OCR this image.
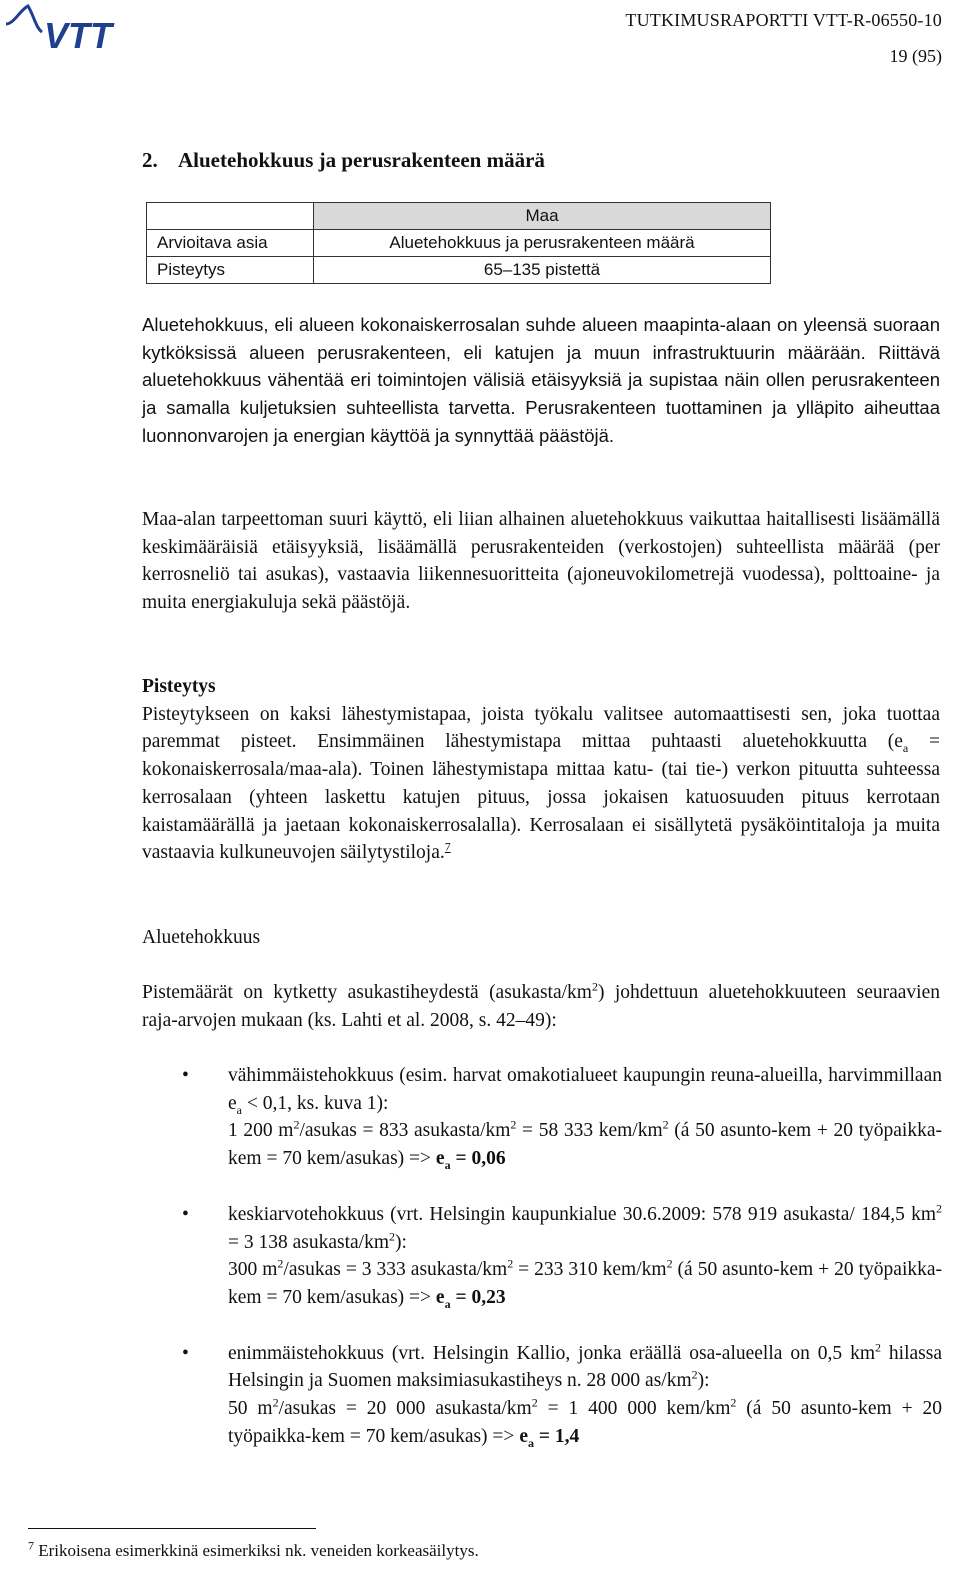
VTT	TUTKIMUSRAPORTTI VTT-R-06550-10
19 (95)
2. Aluetehokkuus ja perusrakenteen määrä
	Maa
Arvioitava asia	Aluetehokkuus ja perusrakenteen määrä
Pisteytys	65–135 pistettä
Aluetehokkuus, eli alueen kokonaiskerrosalan suhde alueen maapinta-alaan on yleensä suoraan kytköksissä alueen perusrakenteen, eli katujen ja muun infrastruktuurin määrään. Riittävä aluetehokkuus vähentää eri toimintojen välisiä etäisyyksiä ja supistaa näin ollen perusrakenteen ja samalla kuljetuksien suhteellista tarvetta. Perusrakenteen tuottaminen ja ylläpito aiheuttaa luonnonvarojen ja energian käyttöä ja synnyttää päästöjä.
Maa-alan tarpeettoman suuri käyttö, eli liian alhainen aluetehokkuus vaikuttaa haitallisesti lisäämällä keskimääräisiä etäisyyksiä, lisäämällä perusrakenteiden (verkostojen) suhteellista määrää (per kerrosneliö tai asukas), vastaavia liikennesuoritteita (ajoneuvokilometrejä vuodessa), polttoaine- ja muita energiakuluja sekä päästöjä.
Pisteytys
Pisteytykseen on kaksi lähestymistapaa, joista työkalu valitsee automaattisesti sen, joka tuottaa paremmat pisteet. Ensimmäinen lähestymistapa mittaa puhtaasti aluetehokkuutta ($e_a$ = kokonaiskerrosala/maa-ala). Toinen lähestymistapa mittaa katu- (tai tie-) verkon pituutta suhteessa kerrosalaan (yhteen laskettu katujen pituus, jossa jokaisen katuosuuden pituus kerrotaan kaistamäärällä ja jaetaan kokonaiskerrosalalla). Kerrosalaan ei sisällytetä pysäköintitaloja ja muita vastaavia kulkuneuvojen säilytystiloja.$^7$
Aluetehokkuus
Pistemäärät on kytketty asukastiheydestä $(asukasta/km^2)$ johdettuun aluetehokkuuteen seuraavien raja-arvojen mukaan (ks. Lahti et al. 2008, s. 42–49):
• vähimmäistehokkuus (esim. harvat omakotialueet kaupungin reuna-alueilla, harvimmillaan $e_a < 0,1$, ks. kuva 1):
1 200 $m^2$/asukas = 833 asukasta/$km^2 = 58$ 333 kem/$km^2$ (á 50 asunto-kem + 20 työpaikka-kem = 70 kem/asukas) => $e_a = 0,06$
• keskiarvotehokkuus (vrt. Helsingin kaupunkialue 30.6.2009: 578 919 asukasta/ 184,5 $km^2 = 3$ 138 asukasta/$km^2$):
300 $m^2$/asukas = 3 333 asukasta/$km^2 = 233$ 310 kem/$km^2$ (á 50 asunto-kem + 20 työpaikka-kem = 70 kem/asukas) => $e_a = 0,23$
• enimmäistehokkuus (vrt. Helsingin Kallio, jonka eräällä osa-alueella on 0,5 $km^2$ hilassa Helsingin ja Suomen maksimiasukastiheys n. 28 000 $as/km^2$):
50 $m^2$/asukas = 20 000 asukasta/$km^2 = 1$ 400 000 kem/$km^2$ (á 50 asunto-kem + 20 työpaikka-kem = 70 kem/asukas) => $e_a = 1,4$
$^7$ Erikoisena esimerkkinä esimerkiksi nk. veneiden korkeasäilytys.
